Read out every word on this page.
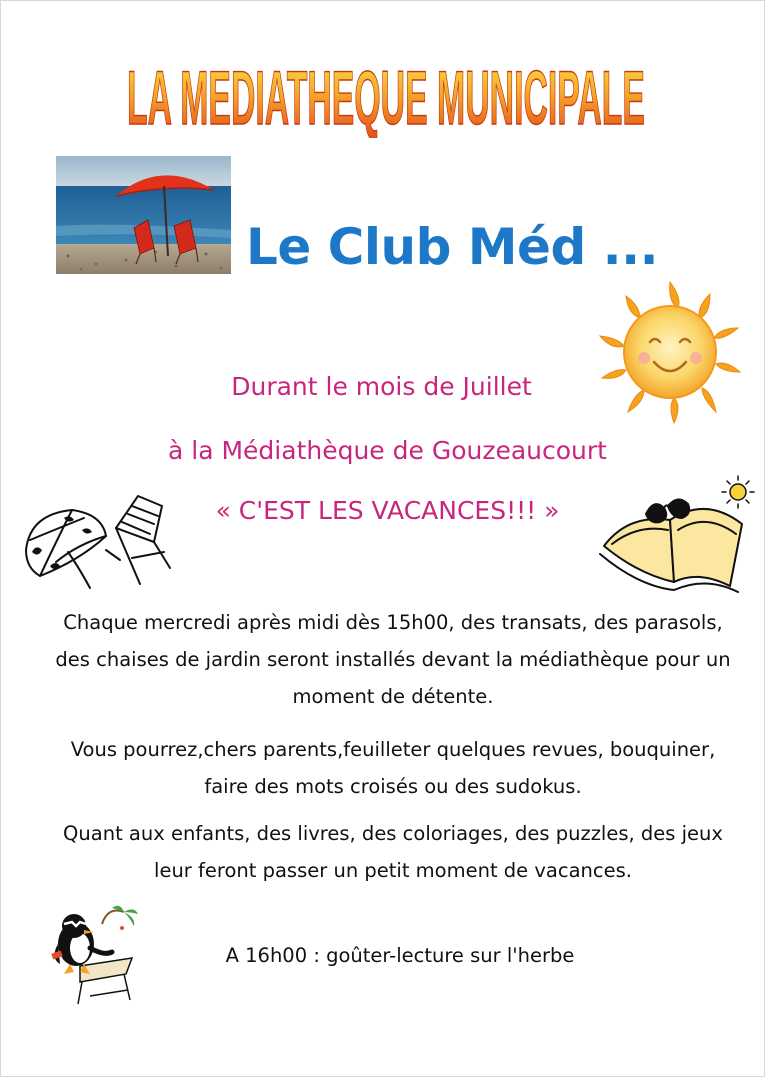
LA MEDIATHEQUE MUNICIPALE
Le Club Méd ...
Durant le mois de Juillet
à la Médiathèque de Gouzeaucourt
« C'EST LES VACANCES!!! »

Chaque mercredi après midi dès 15h00, des transats, des parasols, des chaises de jardin seront installés devant la médiathèque pour un moment de détente.

Vous pourrez,chers parents,feuilleter quelques revues, bouquiner, faire des mots croisés ou des sudokus.

Quant aux enfants, des livres, des coloriages, des puzzles, des jeux leur feront passer un petit moment de vacances.

A 16h00 : goûter-lecture sur l'herbe
